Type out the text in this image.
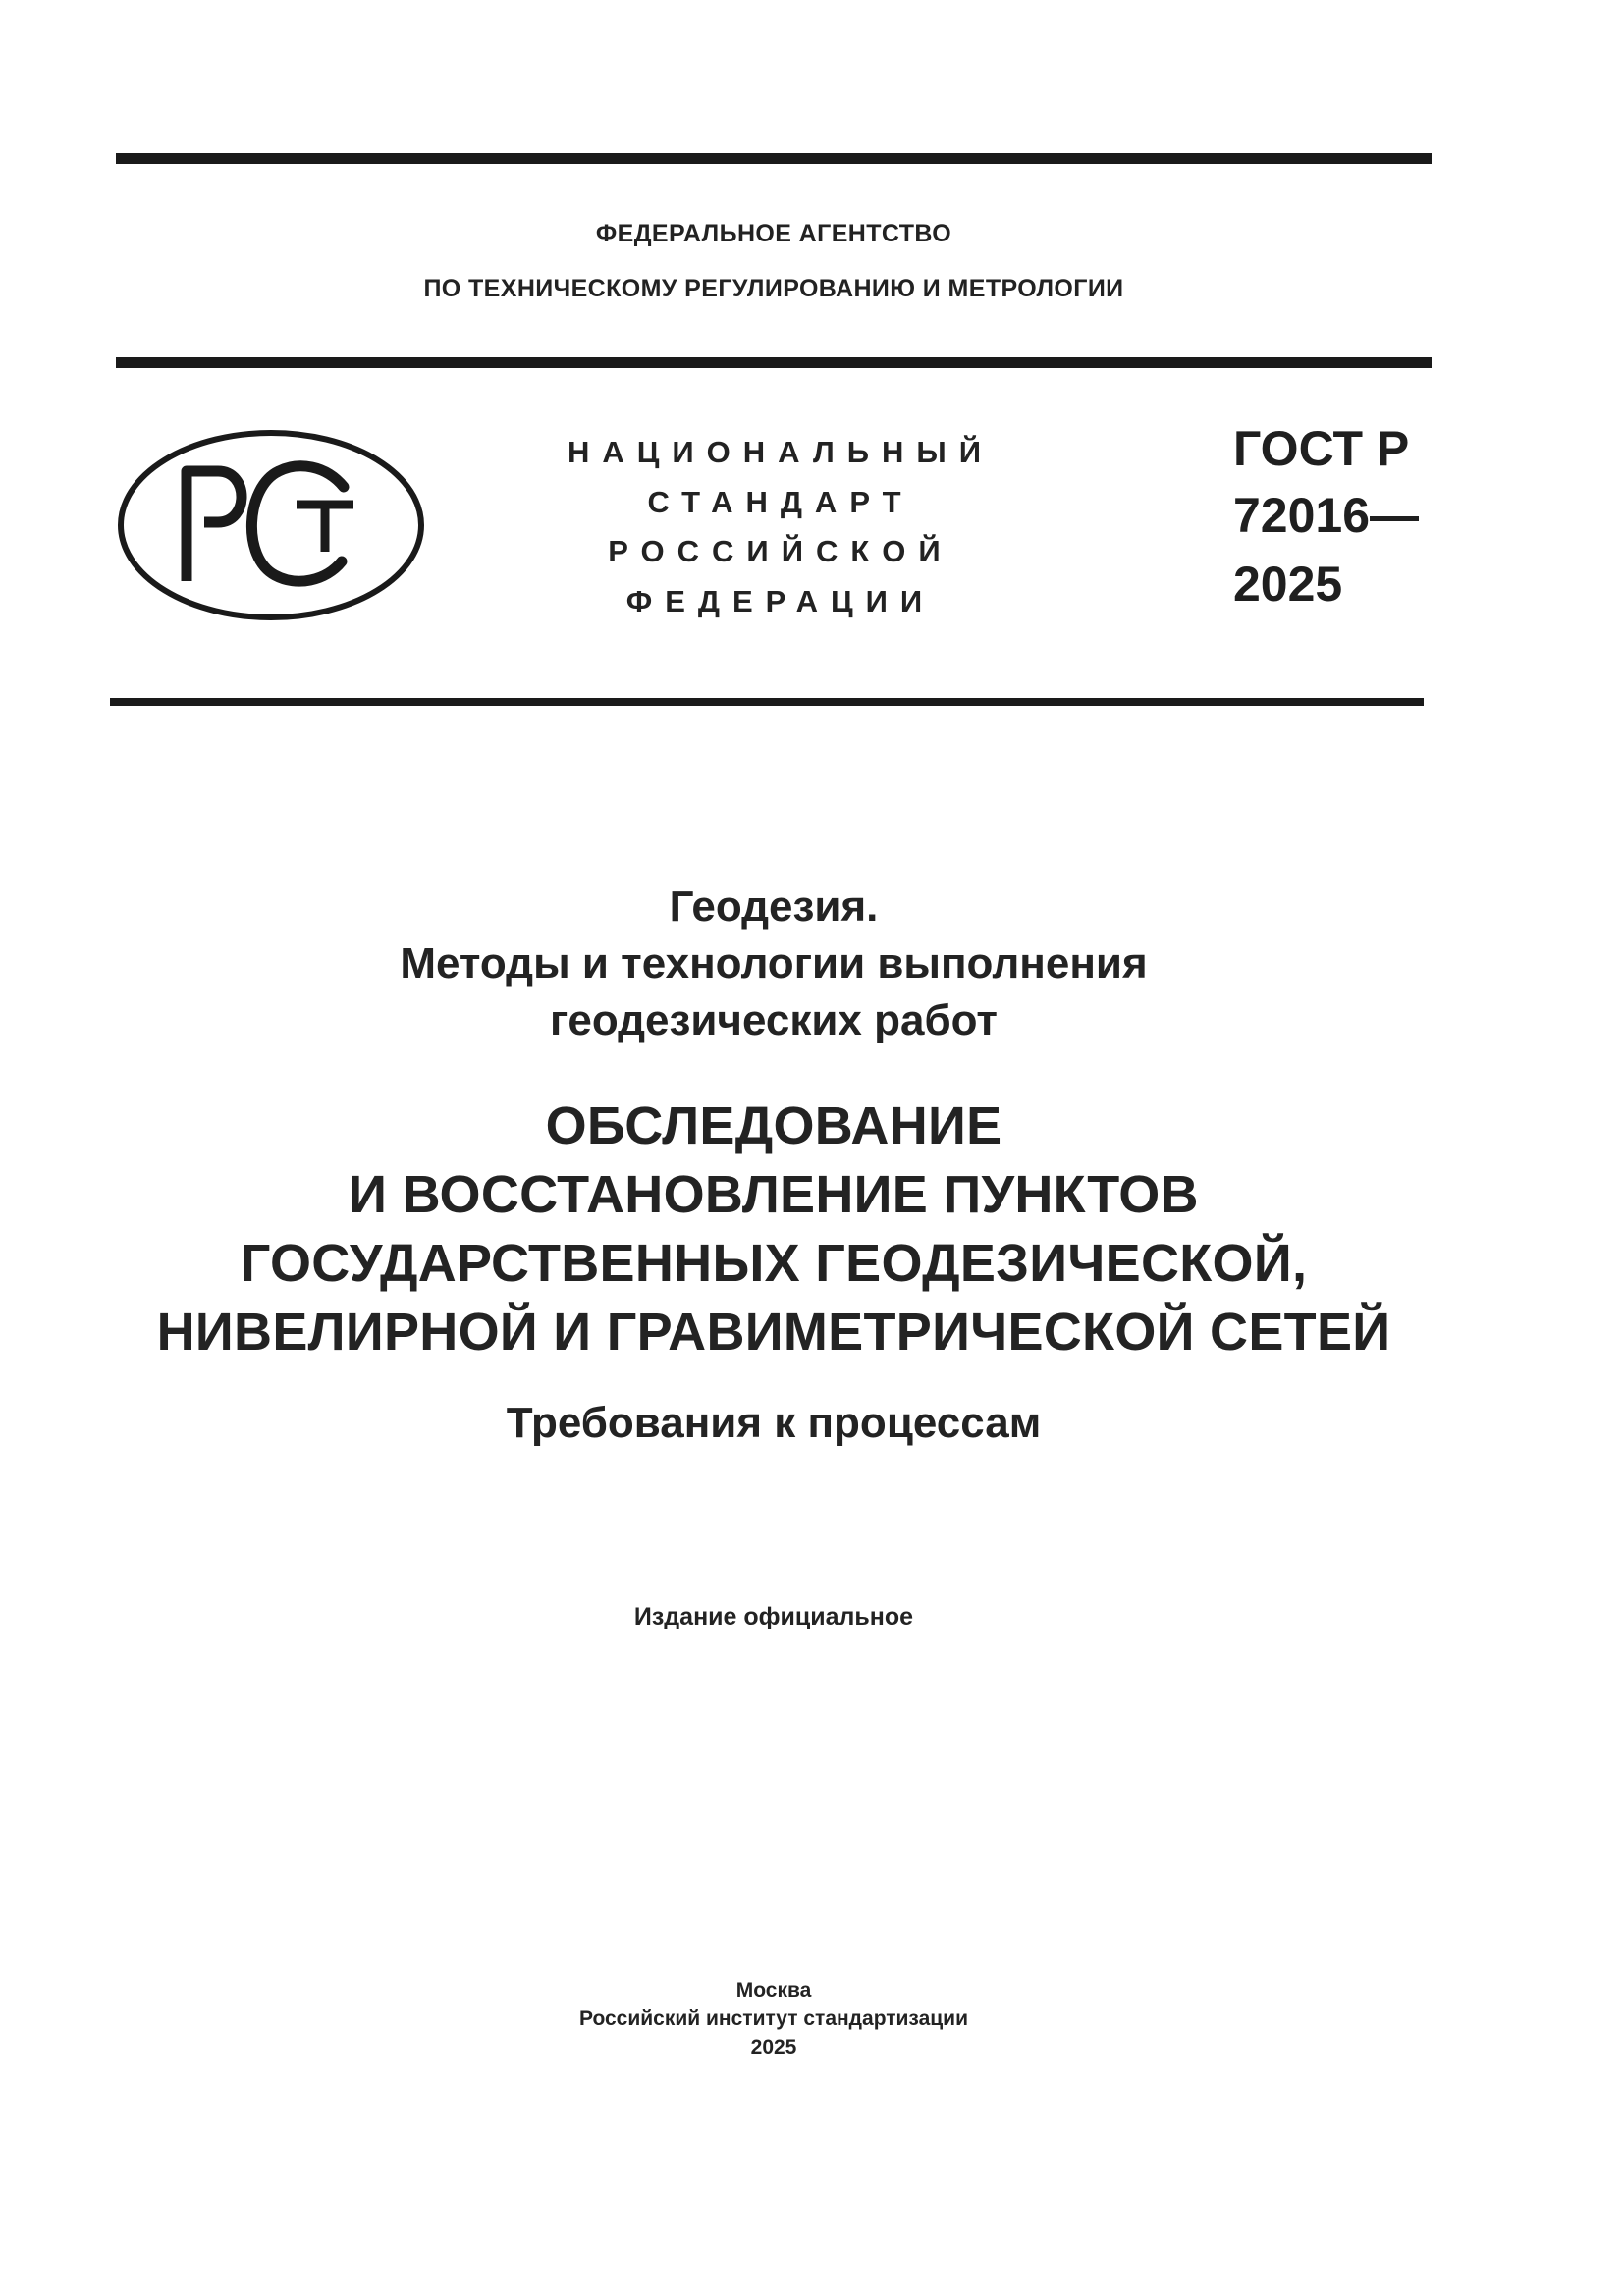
ФЕДЕРАЛЬНОЕ АГЕНТСТВО
ПО ТЕХНИЧЕСКОМУ РЕГУЛИРОВАНИЮ И МЕТРОЛОГИИ
НАЦИОНАЛЬНЫЙ
СТАНДАРТ
РОССИЙСКОЙ
ФЕДЕРАЦИИ
ГОСТ Р
72016—
2025
Геодезия.
Методы и технологии выполнения
геодезических работ
ОБСЛЕДОВАНИЕ
И ВОССТАНОВЛЕНИЕ ПУНКТОВ
ГОСУДАРСТВЕННЫХ ГЕОДЕЗИЧЕСКОЙ,
НИВЕЛИРНОЙ И ГРАВИМЕТРИЧЕСКОЙ СЕТЕЙ
Требования к процессам
Издание официальное
Москва
Российский институт стандартизации
2025
